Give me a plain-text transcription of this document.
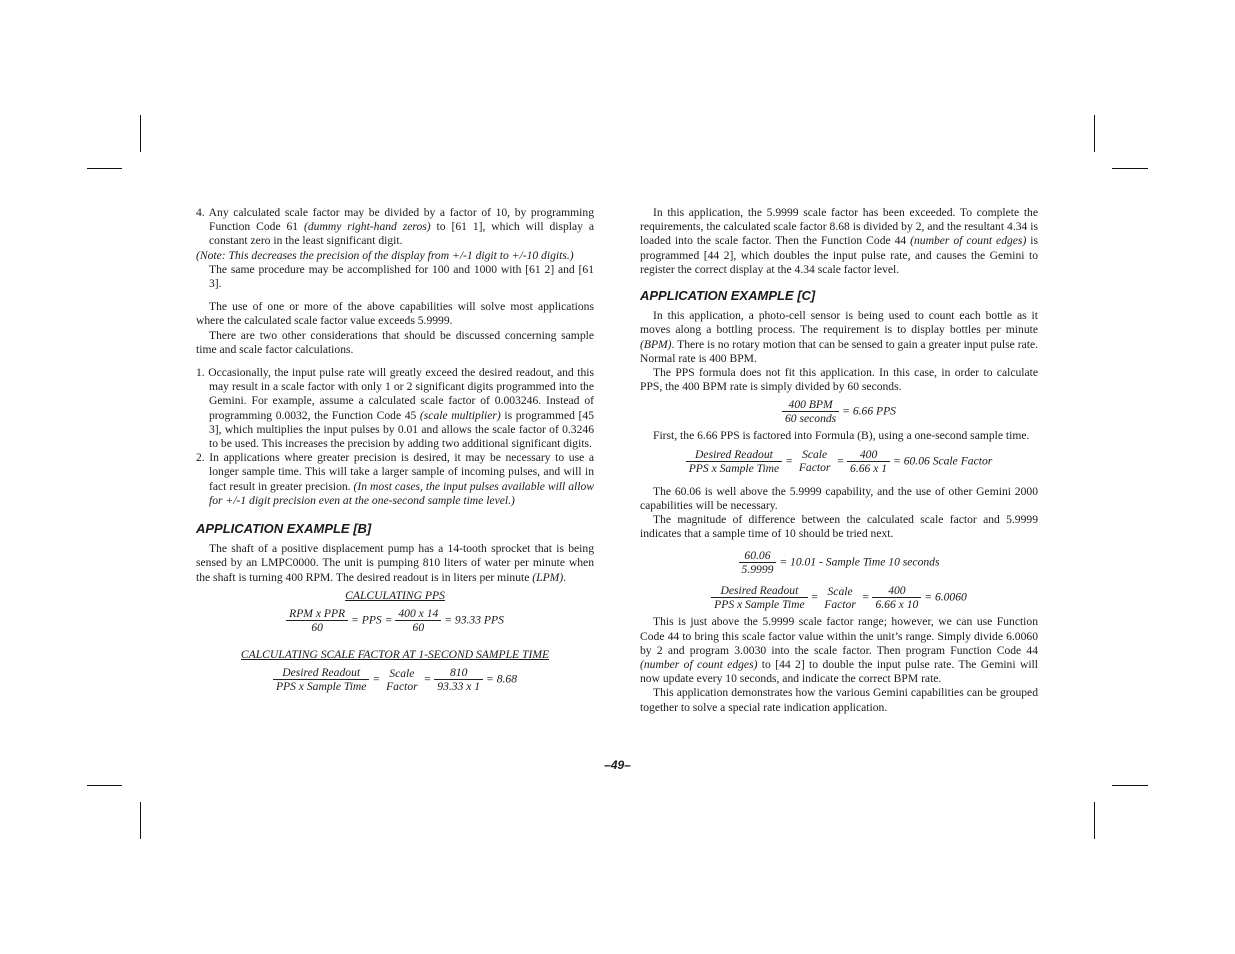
4. Any calculated scale factor may be divided by a factor of 10, by programming Function Code 61 (dummy right-hand zeros) to [61 1], which will display a constant zero in the least significant digit.

(Note: This decreases the precision of the display from +/-1 digit to +/-10 digits.)

The same procedure may be accomplished for 100 and 1000 with [61 2] and [61 3].

The use of one or more of the above capabilities will solve most applications where the calculated scale factor value exceeds 5.9999.

There are two other considerations that should be discussed concerning sample time and scale factor calculations.

1. Occasionally, the input pulse rate will greatly exceed the desired readout, and this may result in a scale factor with only 1 or 2 significant digits programmed into the Gemini. For example, assume a calculated scale factor of 0.003246. Instead of programming 0.0032, the Function Code 45 (scale multiplier) is programmed [45 3], which multiplies the input pulses by 0.01 and allows the scale factor of 0.3246 to be used. This increases the precision by adding two additional significant digits.

2. In applications where greater precision is desired, it may be necessary to use a longer sample time. This will take a larger sample of incoming pulses, and will in fact result in greater precision. (In most cases, the input pulses available will allow for +/-1 digit precision even at the one-second sample time level.)

APPLICATION EXAMPLE [B]

The shaft of a positive displacement pump has a 14-tooth sprocket that is being sensed by an LMPC0000. The unit is pumping 810 liters of water per minute when the shaft is turning 400 RPM. The desired readout is in liters per minute (LPM).

CALCULATING PPS
$\frac{\text{RPM x PPR}}{60}$ = PPS = $\frac{400 x 14}{60} = 93.33$ PPS
CALCULATING SCALE FACTOR AT 1-SECOND SAMPLE TIME
$\frac{\text{Desired Readout}}{\text{PPS x Sample Time}}$ = Scale
Factor
= $\frac{810}{93.33 x 1} = 8.68$

In this application, the 5.9999 scale factor has been exceeded. To complete the requirements, the calculated scale factor 8.68 is divided by 2, and the resultant 4.34 is loaded into the scale factor. Then the Function Code 44 (number of count edges) is programmed [44 2], which doubles the input pulse rate, and causes the Gemini to register the correct display at the 4.34 scale factor level.

APPLICATION EXAMPLE [C]

In this application, a photo-cell sensor is being used to count each bottle as it moves along a bottling process. The requirement is to display bottles per minute (BPM). There is no rotary motion that can be sensed to gain a greater input pulse rate. Normal rate is 400 BPM.

The PPS formula does not fit this application. In this case, in order to calculate PPS, the 400 BPM rate is simply divided by 60 seconds.

$\frac{\text{400 BPM}}{\text{60 seconds}} = 6.66$ PPS

First, the 6.66 PPS is factored into Formula (B), using a one-second sample time.

$\frac{\text{Desired Readout}}{\text{PPS x Sample Time}}$ = Scale
Factor
= $\frac{400}{6.66 x 1} = 60.06$ Scale Factor

The 60.06 is well above the 5.9999 capability, and the use of other Gemini 2000 capabilities will be necessary.

The magnitude of difference between the calculated scale factor and 5.9999 indicates that a sample time of 10 should be tried next.

$\frac{60.06}{5.9999} = 10.01$ - Sample Time 10 seconds
$\frac{\text{Desired Readout}}{\text{PPS x Sample Time}}$ = Scale
Factor
= $\frac{400}{6.66 x 10} = 6.0060$

This is just above the 5.9999 scale factor range; however, we can use Function Code 44 to bring this scale factor value within the unit’s range. Simply divide 6.0060 by 2 and program 3.0030 into the scale factor. Then program Function Code 44 (number of count edges) to [44 2] to double the input pulse rate. The Gemini will now update every 10 seconds, and indicate the correct BPM rate.

This application demonstrates how the various Gemini capabilities can be grouped together to solve a special rate indication application.

–49–
